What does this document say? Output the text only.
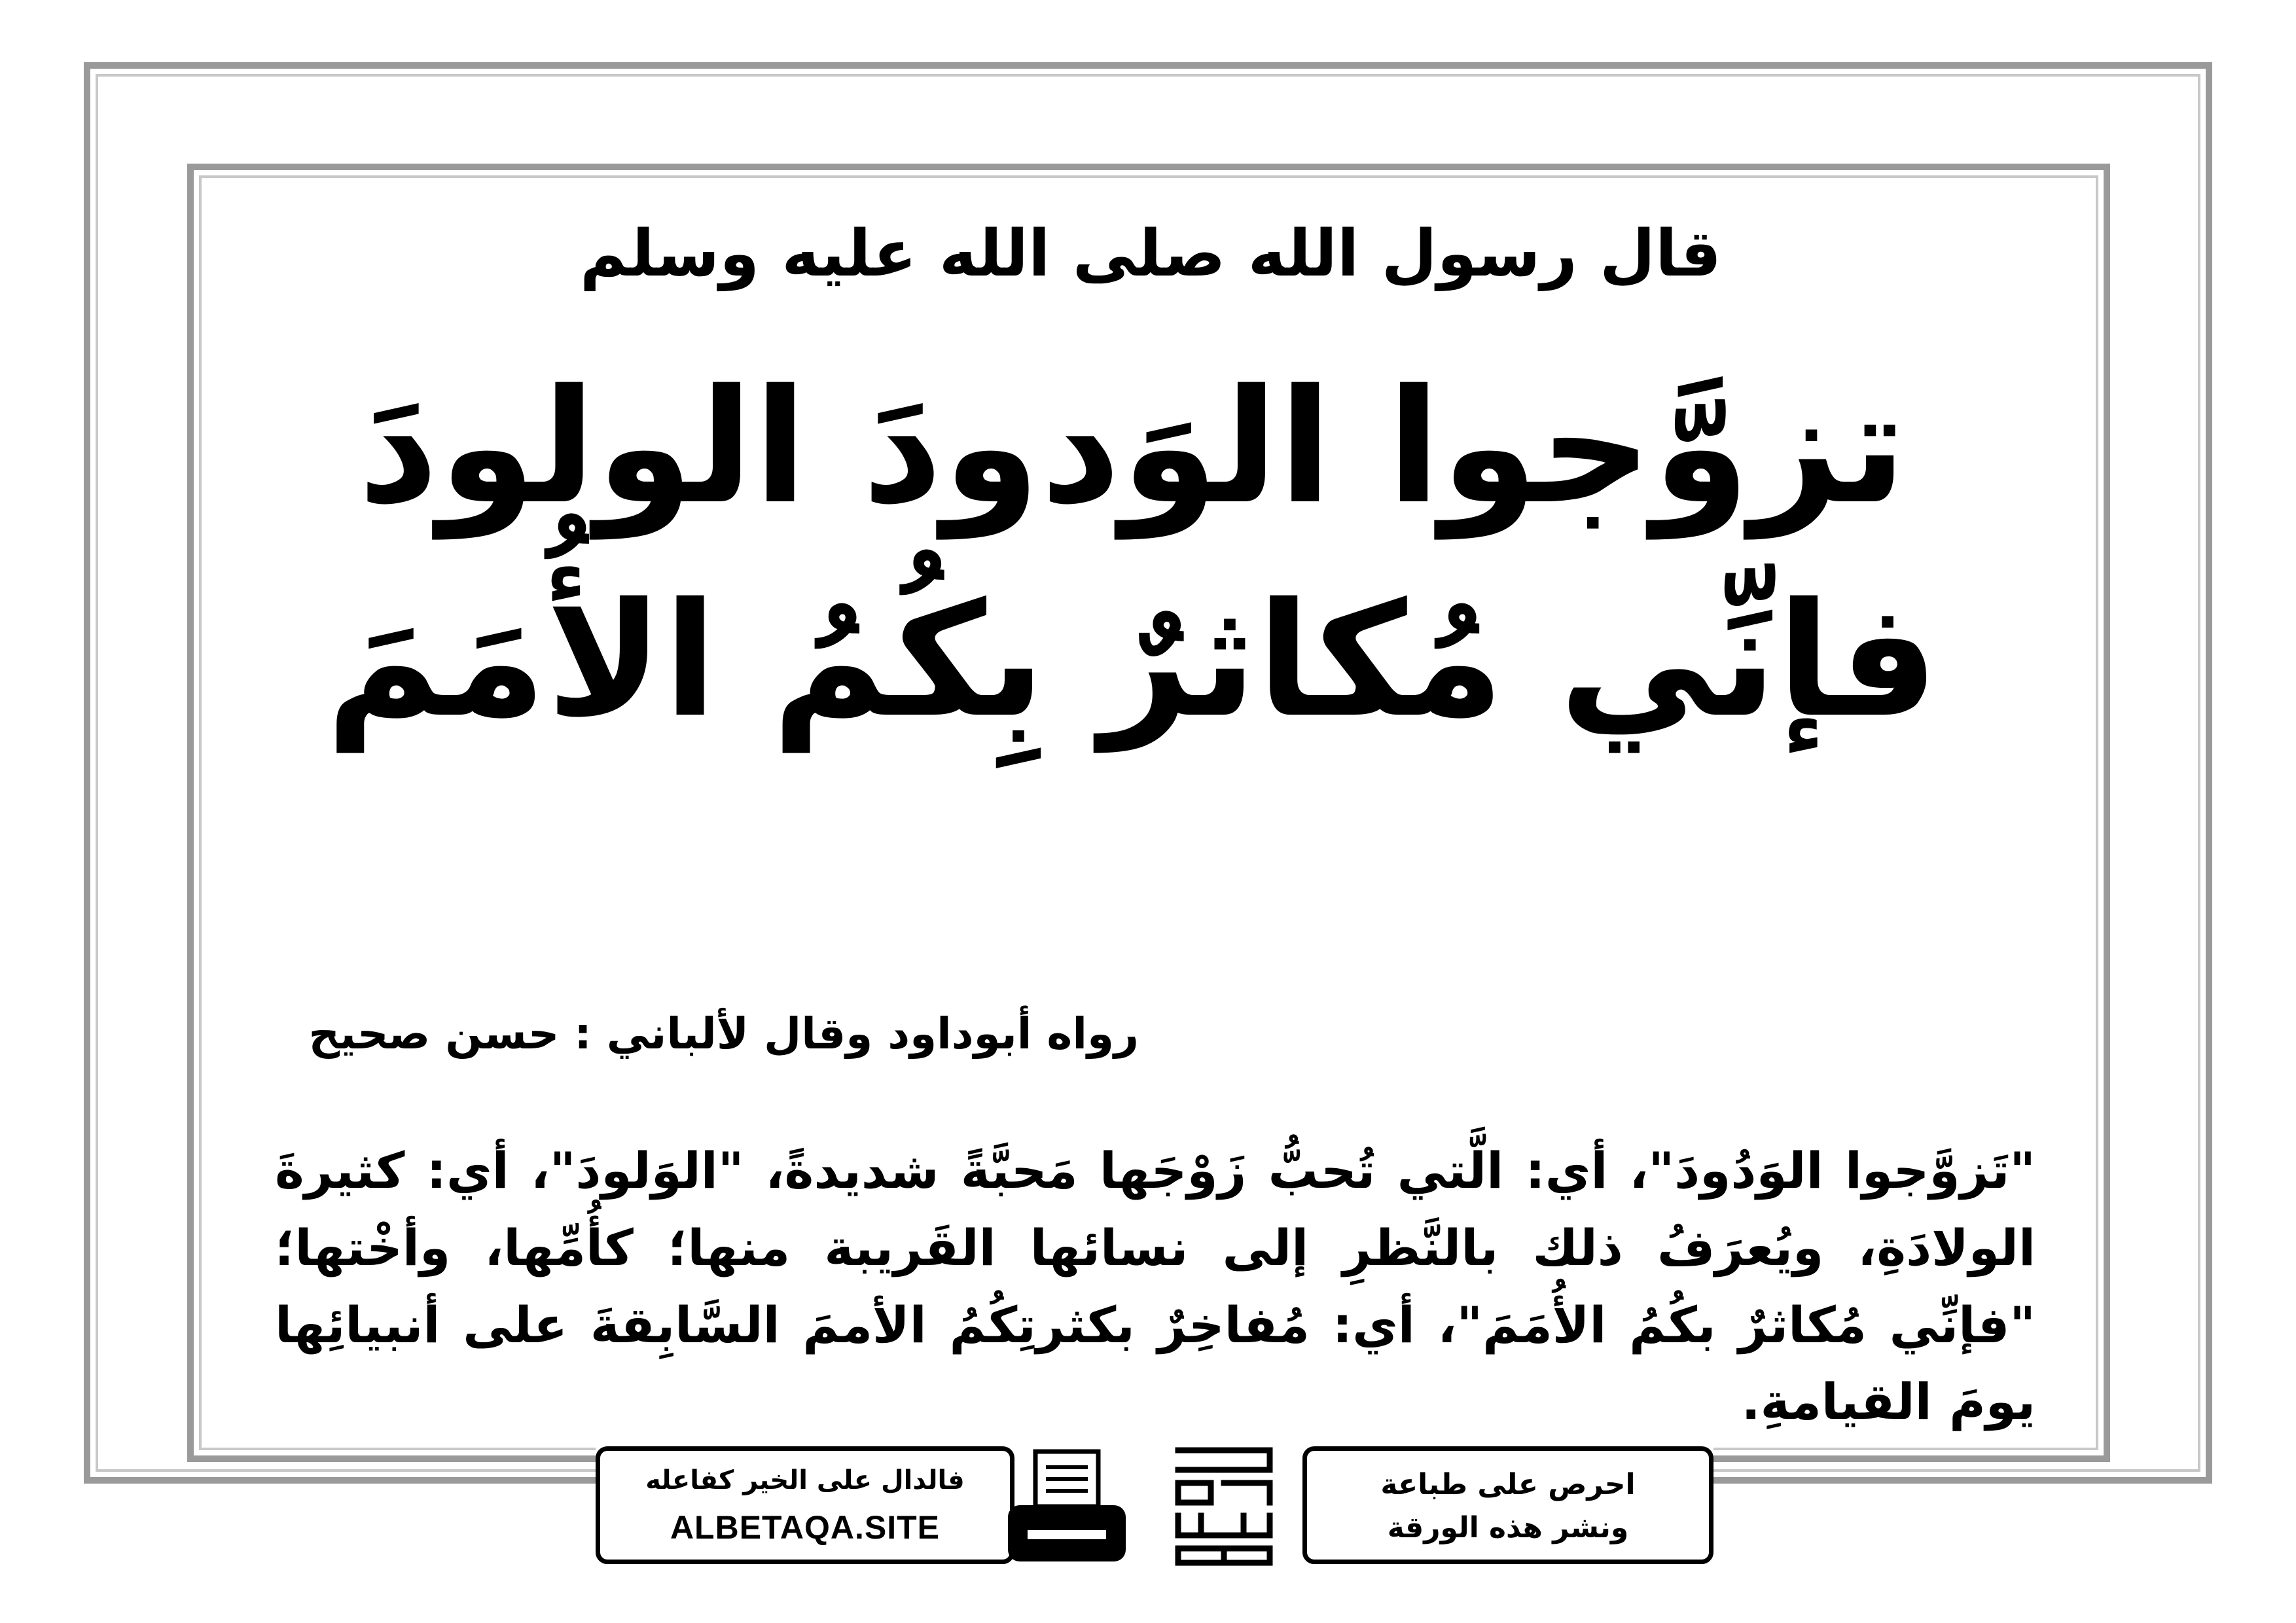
قال رسول الله صلى الله عليه وسلم
تزوَّجوا الوَدودَ الولودَ
فإنِّي مُكاثرٌ بِكُمُ الأُمَمَ
رواه أبوداود وقال لألباني : حسن صحيح
"تَزوَّجوا الوَدُودَ"، أي: الَّتي تُحبُّ زَوْجَها مَحبَّةً شديدةً، "الوَلودَ"، أي: كثيرةَ الولادَةِ، ويُعرَفُ ذلك بالنَّظرِ إلى نسائها القَريبة منها؛ كأُمِّها، وأخْتها؛ "فإنِّي مُكاثرٌ بكُمُ الأُمَمَ"، أي: مُفاخِرٌ بكثرتِكُمُ الأممَ السَّابِقةَ على أنبيائِها يومَ القيامةِ.
فالدال على الخير كفاعله
ALBETAQA.SITE
احرص على طباعة
ونشر هذه الورقة
